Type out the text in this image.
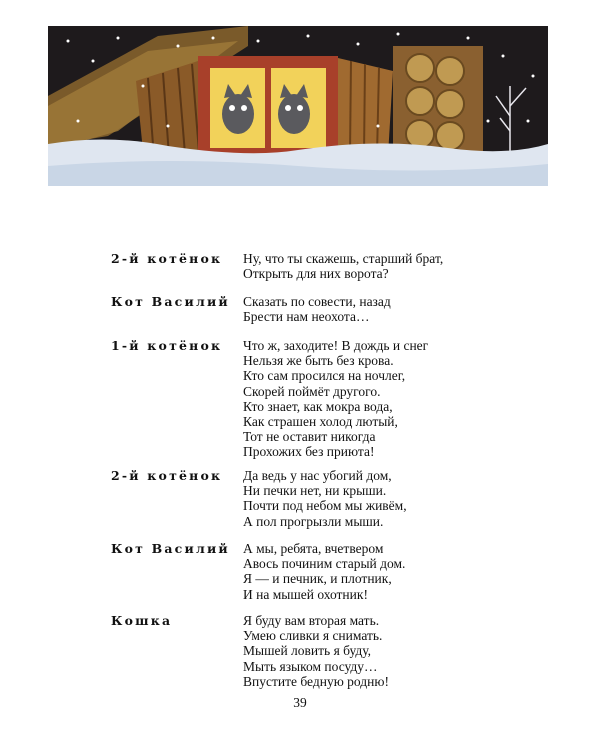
2-й котёнок Ну, что ты скажешь, старший брат,
Открыть для них ворота?
Кот Василий Сказать по совести, назад
Брести нам неохота…
1-й котёнок Что ж, заходите! В дождь и снег
Нельзя же быть без крова.
Кто сам просился на ночлег,
Скорей поймёт другого.
Кто знает, как мокра вода,
Как страшен холод лютый,
Тот не оставит никогда
Прохожих без приюта!
2-й котёнок Да ведь у нас убогий дом,
Ни печки нет, ни крыши.
Почти под небом мы живём,
А пол прогрызли мыши.
Кот Василий А мы, ребята, вчетвером
Авось починим старый дом.
Я — и печник, и плотник,
И на мышей охотник!
Кошка	Я буду вам вторая мать.
Умею сливки я снимать.
Мышей ловить я буду,
Мыть языком посуду…
Впустите бедную родню!
39
